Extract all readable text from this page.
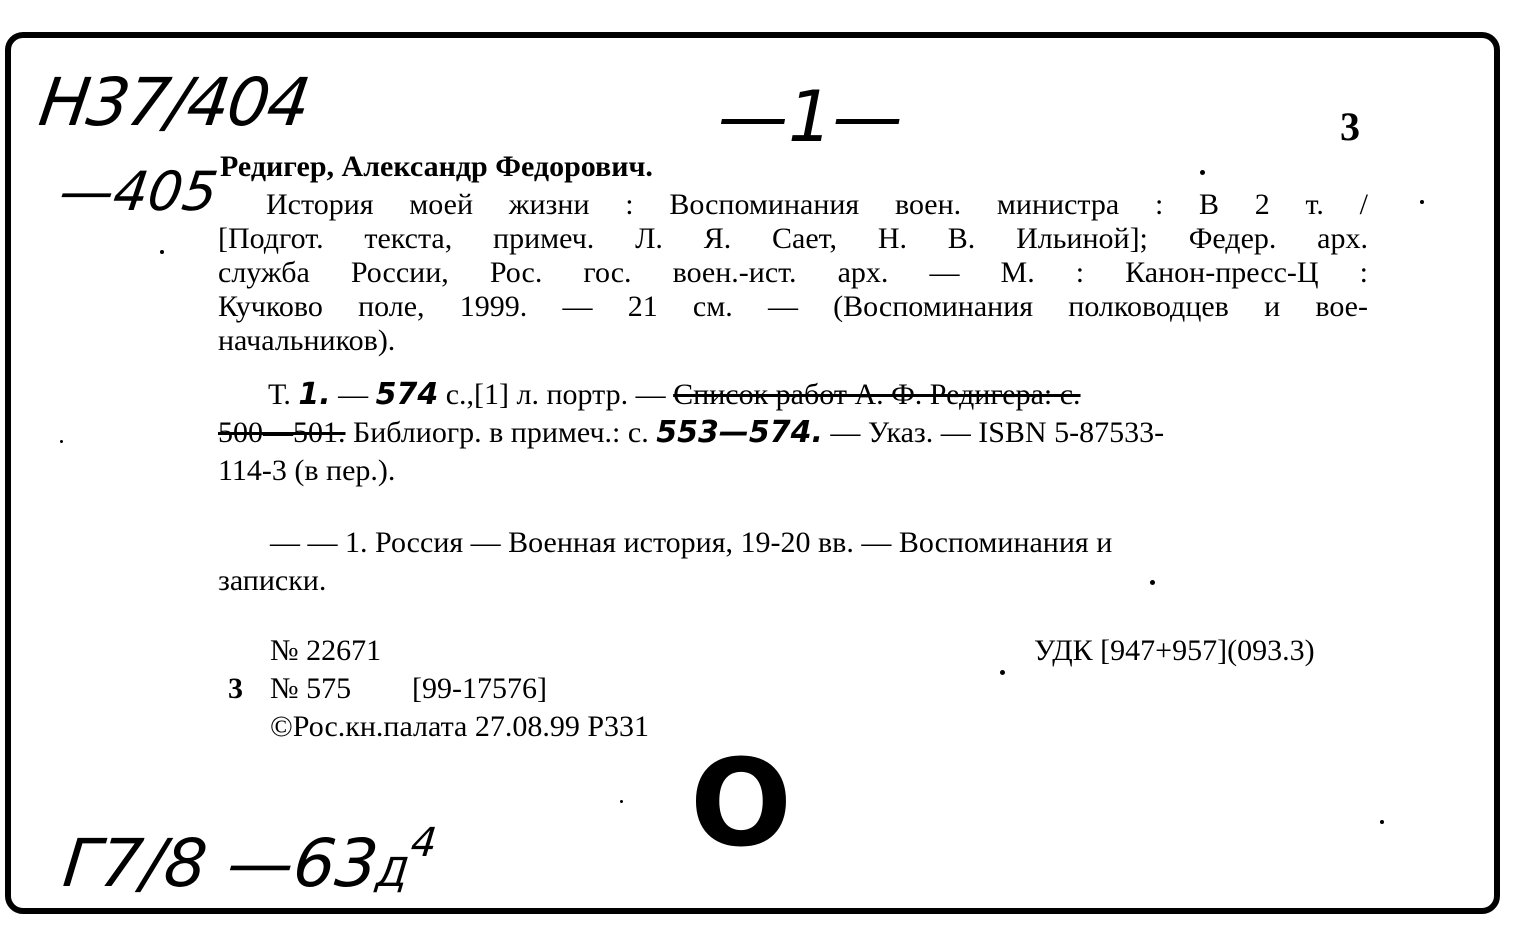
Н37/404
—405
—1—
Г7/8 $—63Д^4$ O
3
Редигер, Александр Федорович.
История моей жизни : Воспоминания воен. министра : В 2 т. /
[Подгот. текста, примеч. Л. Я. Сает, Н. В. Ильиной]; Федер. арх.
служба России, Рос. гос. воен.-ист. арх. — М. : Канон-пресс-Ц :
Кучково поле, 1999. — 21 см. — (Воспоминания полководцев и вое-
начальников).
Т. 1. — 574 с.,[1] л. портр. — Список работ А. Ф. Редигера: с.
500—501. Библиогр. в примеч.: с. 553—574. — Указ. — ISBN 5-87533-
114-3 (в пер.).
— — 1. Россия — Военная история, 19-20 вв. — Воспоминания и
записки.
№ 22671	УДК [947+957](093.3)
3 № 575 [99-17576]
©Рос.кн.палата 27.08.99 Р331
